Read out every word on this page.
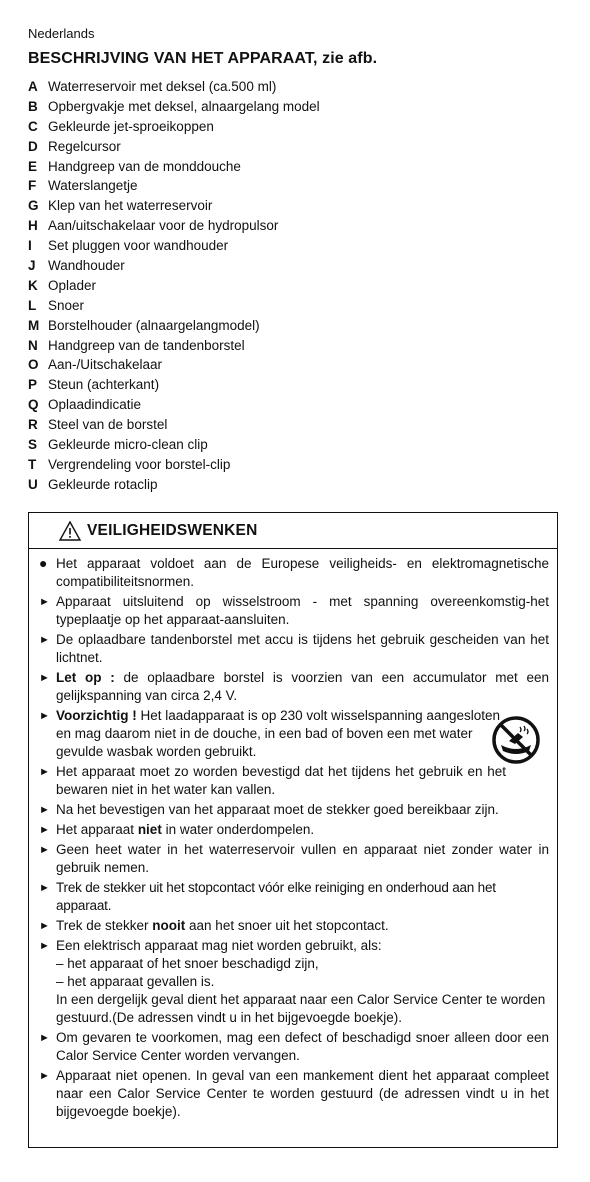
Nederlands
BESCHRIJVING VAN HET APPARAAT, zie afb.
A Waterreservoir met deksel (ca.500 ml)
B Opbergvakje met deksel, alnaargelang model
C Gekleurde jet-sproeikoppen
D Regelcursor
E Handgreep van de monddouche
F Waterslangetje
G Klep van het waterreservoir
H Aan/uitschakelaar voor de hydropulsor
I Set pluggen voor wandhouder
J Wandhouder
K Oplader
L Snoer
M Borstelhouder (alnaargelangmodel)
N Handgreep van de tandenborstel
O Aan-/Uitschakelaar
P Steun (achterkant)
Q Oplaadindicatie
R Steel van de borstel
S Gekleurde micro-clean clip
T Vergrendeling voor borstel-clip
U Gekleurde rotaclip
VEILIGHEIDSWENKEN
● Het apparaat voldoet aan de Europese veiligheids- en elektromagnetische compatibiliteitsnormen.
► Apparaat uitsluitend op wisselstroom - met spanning overeenkomstig-het typeplaatje op het apparaat-aansluiten.
► De oplaadbare tandenborstel met accu is tijdens het gebruik gescheiden van het lichtnet.
► Let op : de oplaadbare borstel is voorzien van een accumulator met een gelijkspanning van circa 2,4 V.
► Voorzichtig ! Het laadapparaat is op 230 volt wisselspanning aangesloten en mag daarom niet in de douche, in een bad of boven een met water gevulde wasbak worden gebruikt.
► Het apparaat moet zo worden bevestigd dat het tijdens het gebruik en het bewaren niet in het water kan vallen.
► Na het bevestigen van het apparaat moet de stekker goed bereikbaar zijn.
► Het apparaat niet in water onderdompelen.
► Geen heet water in het waterreservoir vullen en apparaat niet zonder water in gebruik nemen.
► Trek de stekker uit het stopcontact vóór elke reiniging en onderhoud aan het apparaat.
► Trek de stekker nooit aan het snoer uit het stopcontact.
► Een elektrisch apparaat mag niet worden gebruikt, als:
– het apparaat of het snoer beschadigd zijn,
– het apparaat gevallen is.
In een dergelijk geval dient het apparaat naar een Calor Service Center te worden gestuurd.(De adressen vindt u in het bijgevoegde boekje).
► Om gevaren te voorkomen, mag een defect of beschadigd snoer alleen door een Calor Service Center worden vervangen.
► Apparaat niet openen. In geval van een mankement dient het apparaat compleet naar een Calor Service Center te worden gestuurd (de adressen vindt u in het bijgevoegde boekje).
